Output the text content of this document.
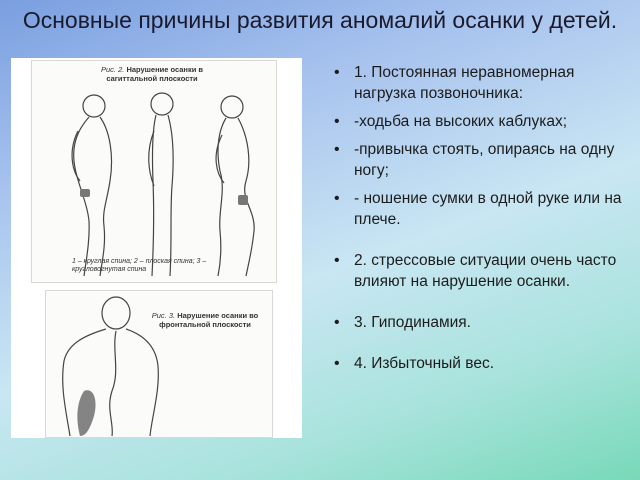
Основные причины развития аномалий осанки у детей.
Рис. 2. Нарушение осанки в сагиттальной плоскости
1 – круглая спина; 2 – плоская спина; 3 – кругловогнутая спина
Рис. 3. Нарушение осанки во фронтальной плоскости
• 1. Постоянная неравномерная нагрузка позвоночника:
• -ходьба на высоких каблуках;
• -привычка стоять, опираясь на одну ногу;
• - ношение сумки в одной руке или на плече.
• 2. стрессовые ситуации очень часто влияют на нарушение осанки.
• 3. Гиподинамия.
• 4. Избыточный вес.
